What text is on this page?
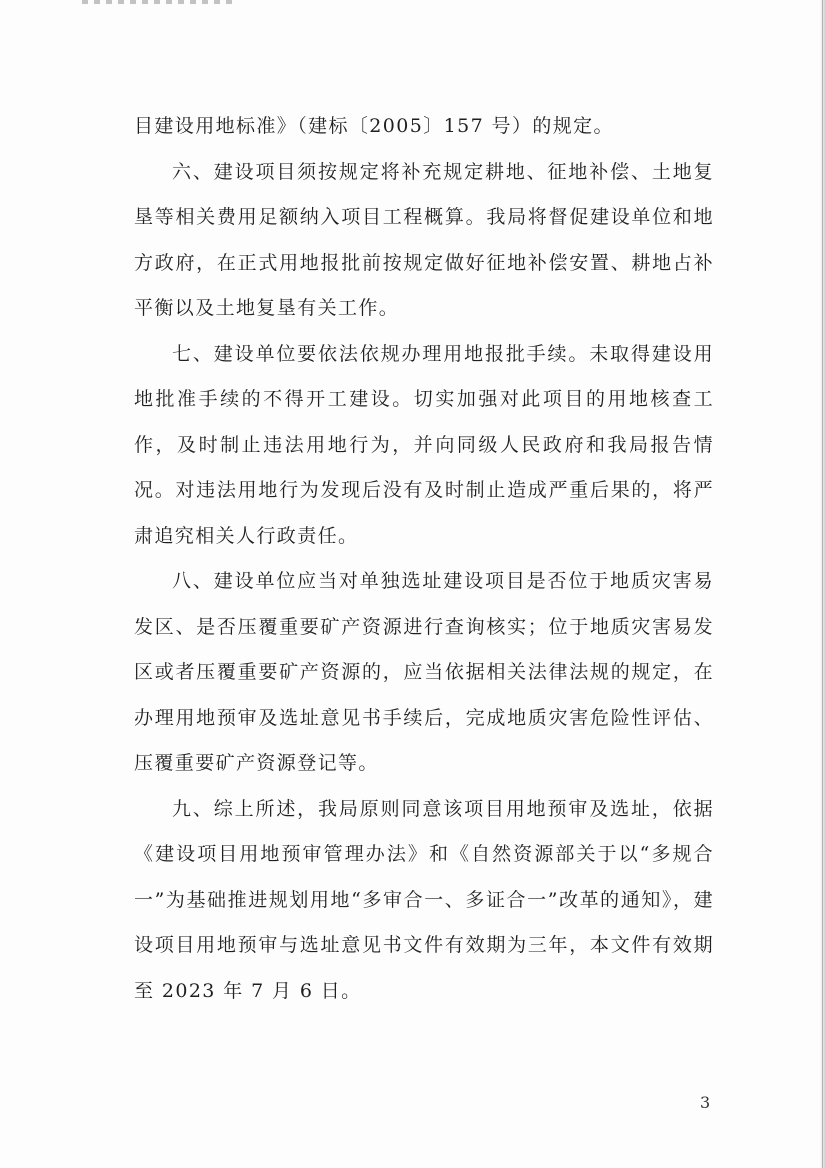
目建设用地标准》（建标〔2005〕157 号）的规定。

六、建设项目须按规定将补充规定耕地、征地补偿、土地复垦等相关费用足额纳入项目工程概算。我局将督促建设单位和地方政府，在正式用地报批前按规定做好征地补偿安置、耕地占补平衡以及土地复垦有关工作。

七、建设单位要依法依规办理用地报批手续。未取得建设用地批准手续的不得开工建设。切实加强对此项目的用地核查工作，及时制止违法用地行为，并向同级人民政府和我局报告情况。对违法用地行为发现后没有及时制止造成严重后果的，将严肃追究相关人行政责任。

八、建设单位应当对单独选址建设项目是否位于地质灾害易发区、是否压覆重要矿产资源进行查询核实；位于地质灾害易发区或者压覆重要矿产资源的，应当依据相关法律法规的规定，在办理用地预审及选址意见书手续后，完成地质灾害危险性评估、压覆重要矿产资源登记等。

九、综上所述，我局原则同意该项目用地预审及选址，依据《建设项目用地预审管理办法》和《自然资源部关于以“多规合一”为基础推进规划用地“多审合一、多证合一”改革的通知》，建设项目用地预审与选址意见书文件有效期为三年，本文件有效期至 2023 年 7 月 6 日。

3
